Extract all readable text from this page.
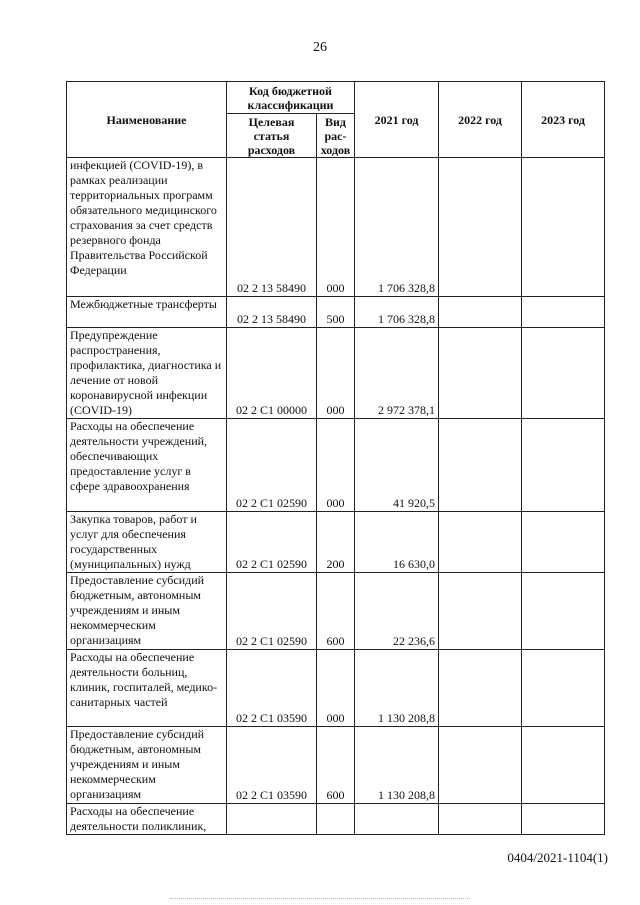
26
Наименование	Код бюджетной классификации		2021 год	2022 год	2023 год
	Целевая статья расходов	Вид рас-ходов			
инфекцией (COVID-19), в рамках реализации территориальных программ обязательного медицинского страхования за счет средств резервного фонда Правительства Российской Федерации	02 2 13 58490	000	1 706 328,8		
Межбюджетные трансферты	02 2 13 58490	500	1 706 328,8		
Предупреждение распространения, профилактика, диагностика и лечение от новой коронавирусной инфекции (COVID-19)	02 2 С1 00000	000	2 972 378,1		
Расходы на обеспечение деятельности учреждений, обеспечивающих предоставление услуг в сфере здравоохранения	02 2 С1 02590	000	41 920,5		
Закупка товаров, работ и услуг для обеспечения государственных (муниципальных) нужд	02 2 С1 02590	200	16 630,0		
Предоставление субсидий бюджетным, автономным учреждениям и иным некоммерческим организациям	02 2 С1 02590	600	22 236,6		
Расходы на обеспечение деятельности больниц, клиник, госпиталей, медико-санитарных частей	02 2 С1 03590	000	1 130 208,8		
Предоставление субсидий бюджетным, автономным учреждениям и иным некоммерческим организациям	02 2 С1 03590	600	1 130 208,8		
Расходы на обеспечение деятельности поликлиник,					
0404/2021-1104(1)
